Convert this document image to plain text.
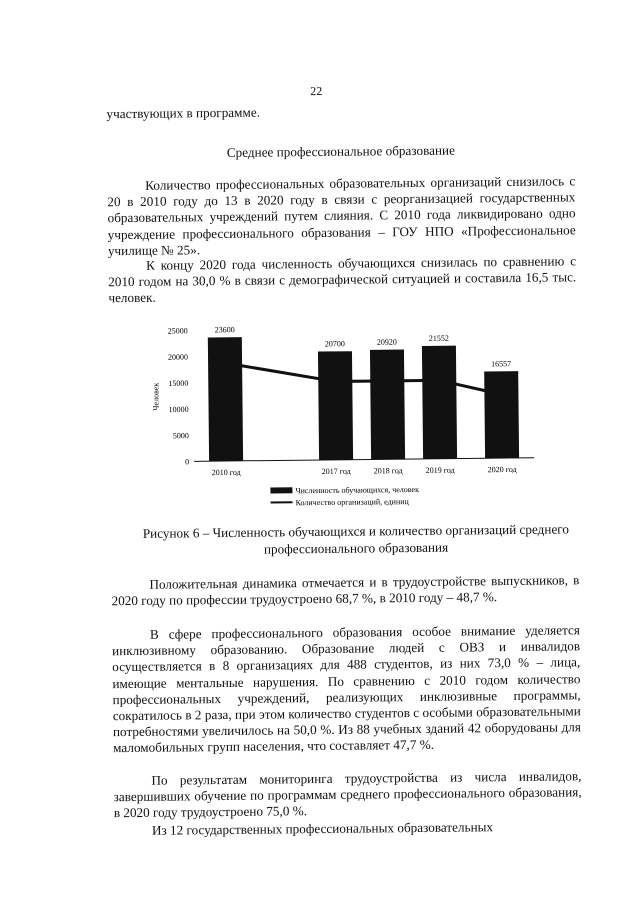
22
участвующих в программе.
Среднее профессиональное образование
Количество профессиональных образовательных организаций снизилось с 20 в 2010 году до 13 в 2020 году в связи с реорганизацией государственных образовательных учреждений путем слияния. С 2010 года ликвидировано одно учреждение профессионального образования – ГОУ НПО «Профессиональное училище № 25».
К концу 2020 года численность обучающихся снизилась по сравнению с 2010 годом на 30,0 % в связи с демографической ситуацией и составила 16,5 тыс. человек.
0
5000
10000
15000
20000
25000
Человек
23600
20700	20920	21552
16557
2010 год	2017 год	2018 год	2019 год	2020 год
Численность обучающихся, человек
Количество организаций, единиц
Рисунок 6 – Численность обучающихся и количество организаций среднего профессионального образования
Положительная динамика отмечается и в трудоустройстве выпускников, в 2020 году по профессии трудоустроено 68,7 %, в 2010 году – 48,7 %.
В сфере профессионального образования особое внимание уделяется инклюзивному образованию. Образование людей с ОВЗ и инвалидов осуществляется в 8 организациях для 488 студентов, из них 73,0 % – лица, имеющие ментальные нарушения. По сравнению с 2010 годом количество профессиональных учреждений, реализующих инклюзивные программы, сократилось в 2 раза, при этом количество студентов с особыми образовательными потребностями увеличилось на 50,0 %. Из 88 учебных зданий 42 оборудованы для маломобильных групп населения, что составляет 47,7 %.
По результатам мониторинга трудоустройства из числа инвалидов, завершивших обучение по программам среднего профессионального образования, в 2020 году трудоустроено 75,0 %.
Из 12 государственных профессиональных образовательных
